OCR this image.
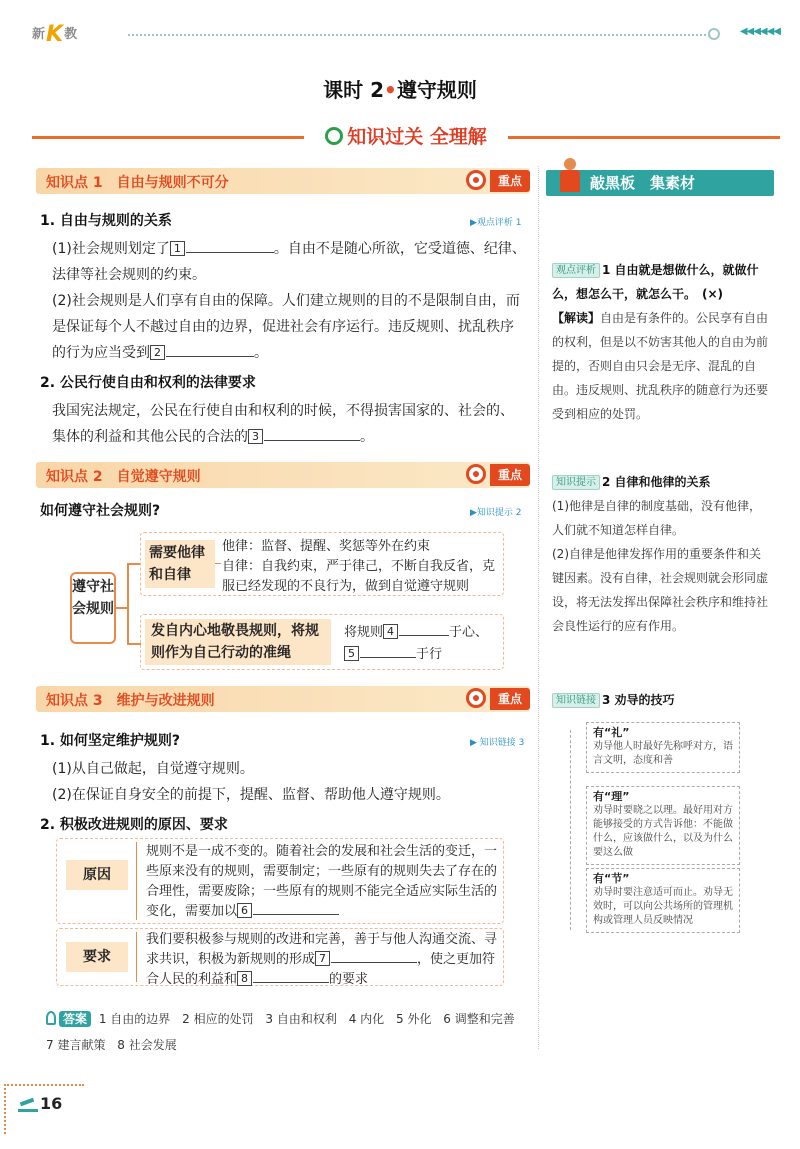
新K教	◀◀◀◀◀◀
课时 2•遵守规则
知识过关 全理解
知识点 1　自由与规则不可分	重点
1. 自由与规则的关系	▶观点评析 1
(1)社会规则划定了 1	。自由不是随心所欲，它受道德、纪律、法律等社会规则的约束。
(2)社会规则是人们享有自由的保障。人们建立规则的目的不是限制自由，而是保证每个人不越过自由的边界，促进社会有序运行。违反规则、扰乱秩序的行为应当受到 2	。
2. 公民行使自由和权利的法律要求
我国宪法规定，公民在行使自由和权利的时候，不得损害国家的、社会的、集体的利益和其他公民的合法的 3	。
知识点 2　自觉遵守规则	重点
如何遵守社会规则?	▶知识提示 2
遵守社会规则
需要他律和自律
他律：监督、提醒、奖惩等外在约束
自律：自我约束，严于律己，不断自我反省，克服已经发现的不良行为，做到自觉遵守规则
发自内心地敬畏规则，将规则作为自己行动的准绳
将规则 4	于心、
5	于行
知识点 3　维护与改进规则	重点
1. 如何坚定维护规则?	▶ 知识链接 3
(1)从自己做起，自觉遵守规则。
(2)在保证自身安全的前提下，提醒、监督、帮助他人遵守规则。
2. 积极改进规则的原因、要求
原因
规则不是一成不变的。随着社会的发展和社会生活的变迁，一些原来没有的规则，需要制定；一些原有的规则失去了存在的合理性，需要废除；一些原有的规则不能完全适应实际生活的变化，需要加以 6
要求
我们要积极参与规则的改进和完善，善于与他人沟通交流、寻求共识，积极为新规则的形成 7	，使之更加符合人民的利益和 8	的要求
答案 1 自由的边界 2 相应的处罚 3 自由和权利 4 内化 5 外化 6 调整和完善 7 建言献策 8 社会发展
敲黑板　集素材
观点评析 1 自由就是想做什么，就做什么，想怎么干，就怎么干。　(×)
【解读】自由是有条件的。公民享有自由的权利，但是以不妨害其他人的自由为前提的，否则自由只会是无序、混乱的自由。违反规则、扰乱秩序的随意行为还要受到相应的处罚。
知识提示 2 自律和他律的关系
(1)他律是自律的制度基础，没有他律，人们就不知道怎样自律。
(2)自律是他律发挥作用的重要条件和关键因素。没有自律，社会规则就会形同虚设，将无法发挥出保障社会秩序和维持社会良性运行的应有作用。
知识链接 3 劝导的技巧
有“礼”
劝导他人时最好先称呼对方，语言文明，态度和善
有“理”
劝导时要晓之以理。最好用对方能够接受的方式告诉他：不能做什么，应该做什么，以及为什么要这么做
有“节”
劝导时要注意适可而止。劝导无效时，可以向公共场所的管理机构或管理人员反映情况
16
